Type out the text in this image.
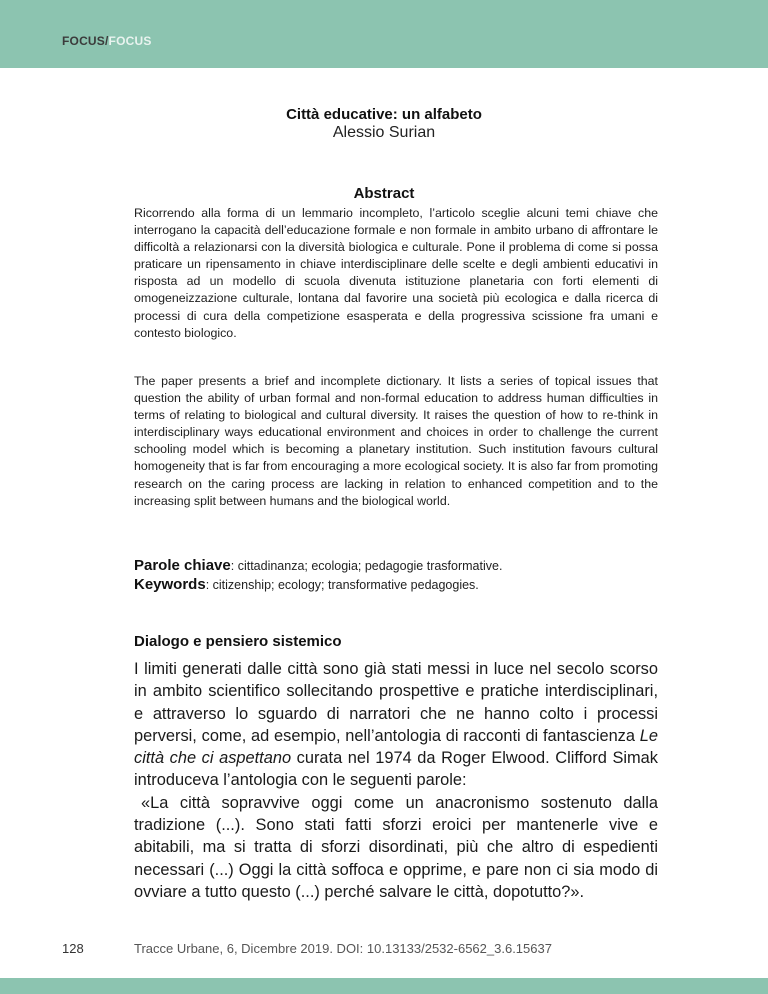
FOCUS/FOCUS
Città educative: un alfabeto
Alessio Surian
Abstract

Ricorrendo alla forma di un lemmario incompleto, l’articolo sceglie alcuni temi chiave che interrogano la capacità dell’educazione formale e non formale in ambito urbano di affrontare le difficoltà a relazionarsi con la diversità biologica e culturale. Pone il problema di come si possa praticare un ripensamento in chiave interdisciplinare delle scelte e degli ambienti educativi in risposta ad un modello di scuola divenuta istituzione planetaria con forti elementi di omogeneizzazione culturale, lontana dal favorire una società più ecologica e dalla ricerca di processi di cura della competizione esasperata e della progressiva scissione fra umani e contesto biologico.

The paper presents a brief and incomplete dictionary. It lists a series of topical issues that question the ability of urban formal and non-formal education to address human difficulties in terms of relating to biological and cultural diversity. It raises the question of how to re-think in interdisciplinary ways educational environment and choices in order to challenge the current schooling model which is becoming a planetary institution. Such institution favours cultural homogeneity that is far from encouraging a more ecological society. It is also far from promoting research on the caring process are lacking in relation to enhanced competition and to the increasing split between humans and the biological world.

Parole chiave: cittadinanza; ecologia; pedagogie trasformative.
Keywords: citizenship; ecology; transformative pedagogies.
Dialogo e pensiero sistemico

I limiti generati dalle città sono già stati messi in luce nel secolo scorso in ambito scientifico sollecitando prospettive e pratiche interdisciplinari, e attraverso lo sguardo di narratori che ne hanno colto i processi perversi, come, ad esempio, nell’antologia di racconti di fantascienza Le città che ci aspettano curata nel 1974 da Roger Elwood. Clifford Simak introduceva l’antologia con le seguenti parole:
«La città sopravvive oggi come un anacronismo sostenuto dalla tradizione (...). Sono stati fatti sforzi eroici per mantenerle vive e abitabili, ma si tratta di sforzi disordinati, più che altro di espedienti necessari (...) Oggi la città soffoca e opprime, e pare non ci sia modo di ovviare a tutto questo (...) perché salvare le città, dopotutto?».

128	Tracce Urbane, 6, Dicembre 2019. DOI: 10.13133/2532-6562_3.6.15637
